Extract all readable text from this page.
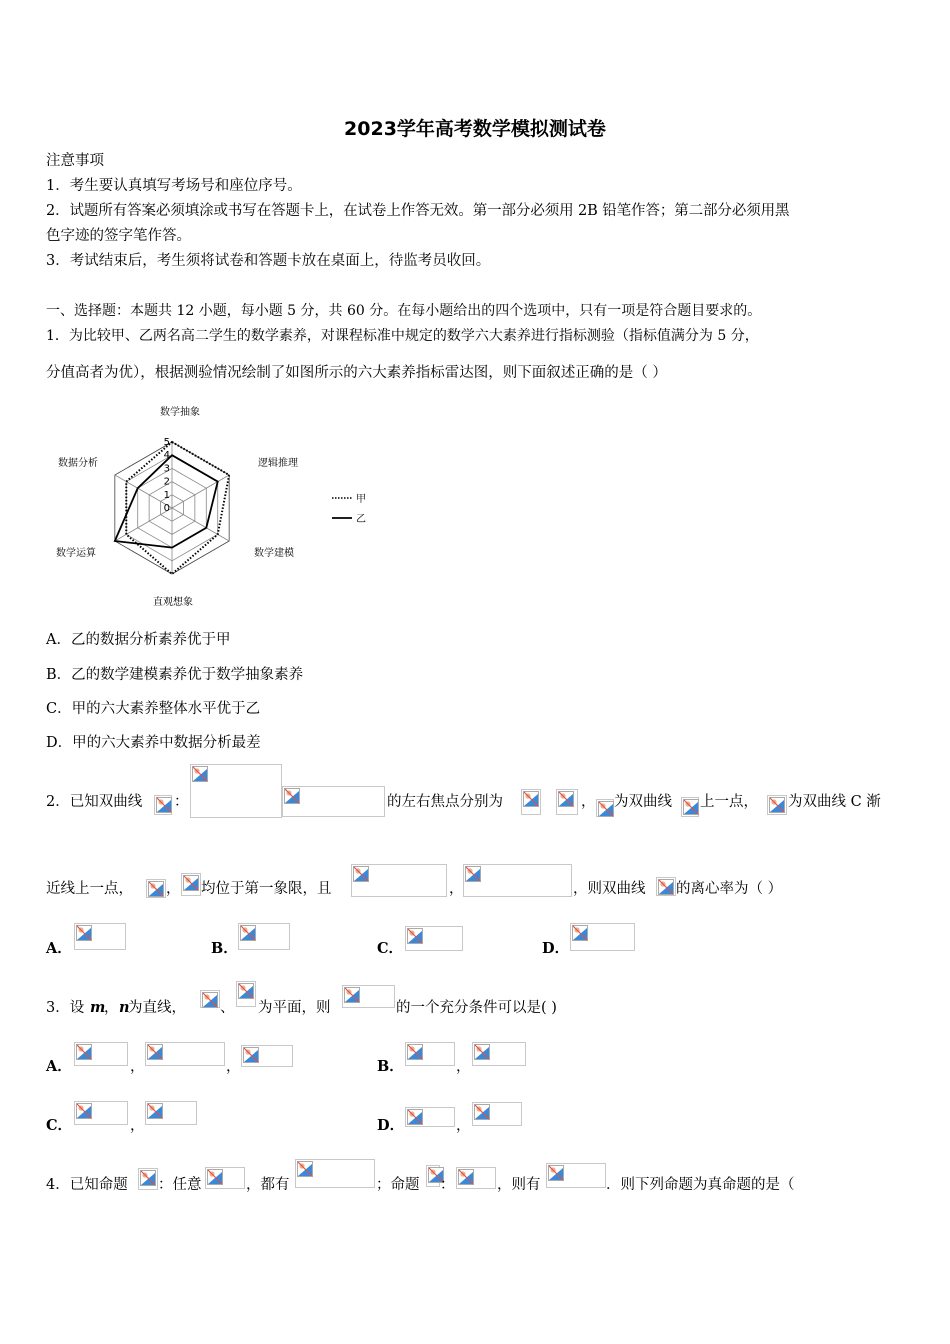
2023学年高考数学模拟测试卷
注意事项
1．考生要认真填写考场号和座位序号。
2．试题所有答案必须填涂或书写在答题卡上，在试卷上作答无效。第一部分必须用 2B 铅笔作答；第二部分必须用黑
色字迹的签字笔作答。
3．考试结束后，考生须将试卷和答题卡放在桌面上，待监考员收回。
一、选择题：本题共 12 小题，每小题 5 分，共 60 分。在每小题给出的四个选项中，只有一项是符合题目要求的。
1．为比较甲、乙两名高二学生的数学素养，对课程标准中规定的数学六大素养进行指标测验（指标值满分为 5 分，
分值高者为优），根据测验情况绘制了如图所示的六大素养指标雷达图，则下面叙述正确的是（ ）
数学抽象
逻辑推理
数学建模
直观想象
数学运算
数据分析
0
1
2
3
4
5
甲
乙
A．乙的数据分析素养优于甲
B．乙的数学建模素养优于数学抽象素养
C．甲的六大素养整体水平优于乙
D．甲的六大素养中数据分析最差
2．已知双曲线 ：	的左右焦点分别为	， 为双曲线 上一点， 为双曲线 C 渐
近线上一点， ， 均位于第一象限，且	，	，则双曲线 的离心率为（ ）
A．	B．	C．	D．
3．设 m
， n
为直线， 、 为平面，则	的一个充分条件可以是( )
A．	，	，	B．	，
C．	，	D．	，
4．已知命题 ：任意	，都有	；命题 ：	，则有	．则下列命题为真命题的是（
